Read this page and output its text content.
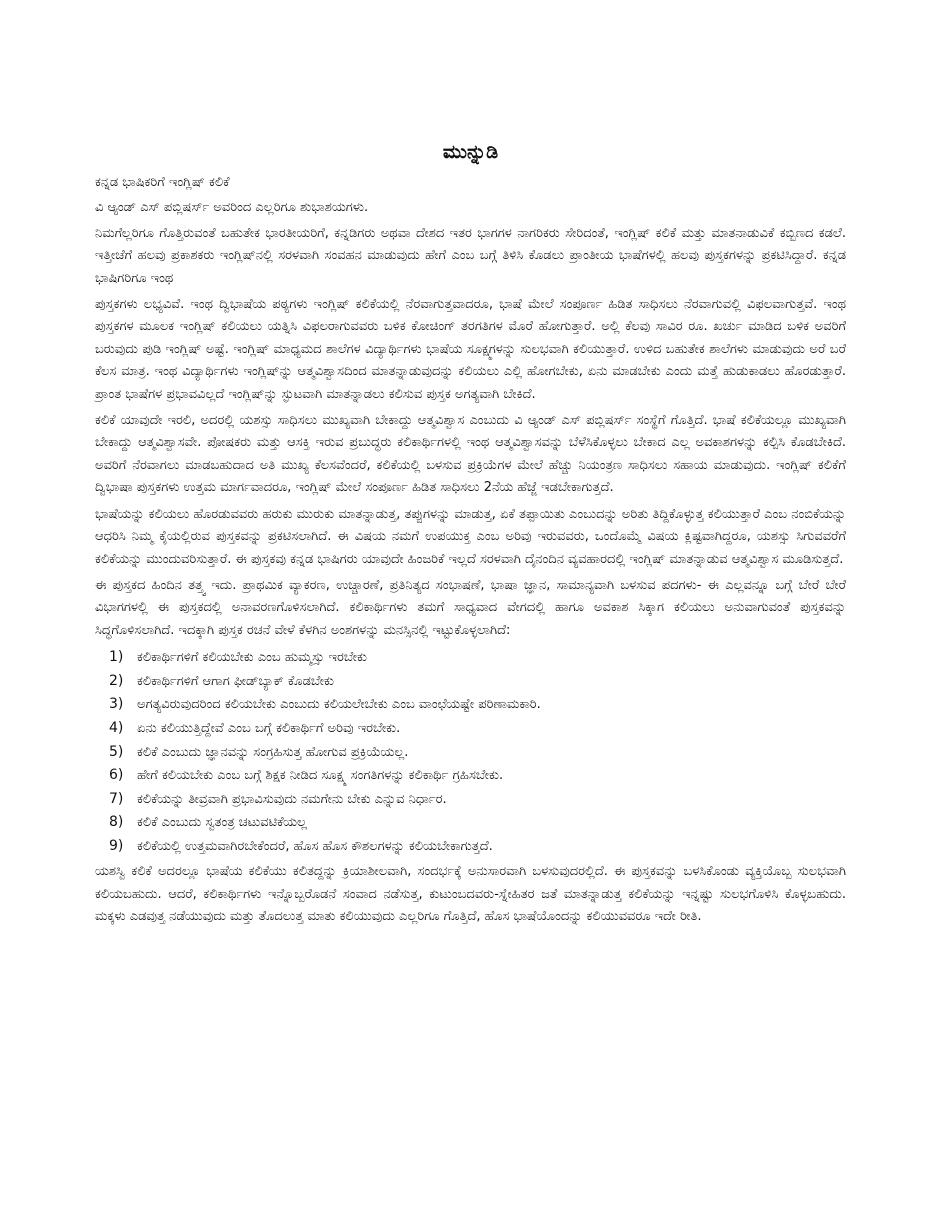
ಮುನ್ನುಡಿ

ಕನ್ನಡ ಭಾಷಿಕರಿಗೆ ಇಂಗ್ಲಿಷ್ ಕಲಿಕೆ

ವಿ ಆ್ಯಂಡ್ ಎಸ್ ಪಬ್ಲಿಷರ್ಸ್ ಅವರಿಂದ ಎಲ್ಲರಿಗೂ ಶುಭಾಶಯಗಳು.

ನಿಮಗೆಲ್ಲರಿಗೂ ಗೊತ್ತಿರುವಂತೆ ಬಹುತೇಕ ಭಾರತೀಯರಿಗೆ, ಕನ್ನಡಿಗರು ಅಥವಾ ದೇಶದ ಇತರ ಭಾಗಗಳ ನಾಗರಿಕರು ಸೇರಿದಂತೆ, ಇಂಗ್ಲಿಷ್ ಕಲಿಕೆ ಮತ್ತು ಮಾತನಾಡುವಿಕೆ ಕಬ್ಬಿಣದ ಕಡಲೆ. ಇತ್ತೀಚೆಗೆ ಹಲವು ಪ್ರಕಾಶಕರು ಇಂಗ್ಲಿಷ್‌ನಲ್ಲಿ ಸರಳವಾಗಿ ಸಂವಹನ ಮಾಡುವುದು ಹೇಗೆ ಎಂಬ ಬಗ್ಗೆ ತಿಳಿಸಿ ಕೊಡಲು ಪ್ರಾಂತೀಯ ಭಾಷೆಗಳಲ್ಲಿ ಹಲವು ಪುಸ್ತಕಗಳನ್ನು ಪ್ರಕಟಿಸಿದ್ದಾರೆ. ಕನ್ನಡ ಭಾಷಿಗರಿಗೂ ಇಂಥ

ಪುಸ್ತಕಗಳು ಲಭ್ಯವಿವೆ. ಇಂಥ ದ್ವಿಭಾಷೆಯ ಪಠ್ಯಗಳು ಇಂಗ್ಲಿಷ್ ಕಲಿಕೆಯಲ್ಲಿ ನೆರವಾಗುತ್ತವಾದರೂ, ಭಾಷೆ ಮೇಲೆ ಸಂಪೂರ್ಣ ಹಿಡಿತ ಸಾಧಿಸಲು ನೆರವಾಗುವಲ್ಲಿ ವಿಫಲವಾಗುತ್ತವೆ. ಇಂಥ ಪುಸ್ತಕಗಳ ಮೂಲಕ ಇಂಗ್ಲಿಷ್ ಕಲಿಯಲು ಯತ್ನಿಸಿ ವಿಫಲರಾಗುವವರು ಬಳಿಕ ಕೋಚಿಂಗ್ ತರಗತಿಗಳ ಮೊರೆ ಹೋಗುತ್ತಾರೆ. ಅಲ್ಲಿ ಕೆಲವು ಸಾವಿರ ರೂ. ಖರ್ಚು ಮಾಡಿದ ಬಳಿಕ ಅವರಿಗೆ ಬರುವುದು ಪುಡಿ ಇಂಗ್ಲಿಷ್ ಅಷ್ಟೆ. ಇಂಗ್ಲಿಷ್ ಮಾಧ್ಯಮದ ಶಾಲೆಗಳ ವಿದ್ಯಾರ್ಥಿಗಳು ಭಾಷೆಯ ಸೂಕ್ಷ್ಮಗಳನ್ನು ಸುಲಭವಾಗಿ ಕಲಿಯುತ್ತಾರೆ. ಉಳಿದ ಬಹುತೇಕ ಶಾಲೆಗಳು ಮಾಡುವುದು ಅರೆ ಬರೆ ಕೆಲಸ ಮಾತ್ರ. ಇಂಥ ವಿದ್ಯಾರ್ಥಿಗಳು ಇಂಗ್ಲಿಷ್‌ನ್ನು ಆತ್ಮವಿಶ್ವಾಸದಿಂದ ಮಾತನ್ನಾಡುವುದನ್ನು ಕಲಿಯಲು ಎಲ್ಲಿ ಹೋಗಬೇಕು, ಏನು ಮಾಡಬೇಕು ಎಂದು ಮತ್ತೆ ಹುಡುಕಾಡಲು ಹೊರಡುತ್ತಾರೆ. ಪ್ರಾಂತ ಭಾಷೆಗಳ ಪ್ರಭಾವವಿಲ್ಲದೆ ಇಂಗ್ಲಿಷ್‌ನ್ನು ಸ್ಫುಟವಾಗಿ ಮಾತನ್ನಾಡಲು ಕಲಿಸುವ ಪುಸ್ತಕ ಅಗತ್ಯವಾಗಿ ಬೇಕಿದೆ.

ಕಲಿಕೆ ಯಾವುದೇ ಇರಲಿ, ಅದರಲ್ಲಿ ಯಶಸ್ಸು ಸಾಧಿಸಲು ಮುಖ್ಯವಾಗಿ ಬೇಕಾದ್ದು ಆತ್ಮವಿಶ್ವಾಸ ಎಂಬುದು ವಿ ಆ್ಯಂಡ್ ಎಸ್ ಪಬ್ಲಿಷರ್ಸ್ ಸಂಸ್ಥೆಗೆ ಗೊತ್ತಿದೆ. ಭಾಷೆ ಕಲಿಕೆಯಲ್ಲೂ ಮುಖ್ಯವಾಗಿ ಬೇಕಾದ್ದು ಆತ್ಮವಿಶ್ವಾಸವೇ. ಪೋಷಕರು ಮತ್ತು ಆಸಕ್ತಿ ಇರುವ ಪ್ರಬುದ್ಧರು ಕಲಿಕಾರ್ಥಿಗಳಲ್ಲಿ ಇಂಥ ಆತ್ಮವಿಶ್ವಾಸವನ್ನು ಬೆಳೆಸಿಕೊಳ್ಳಲು ಬೇಕಾದ ಎಲ್ಲ ಅವಕಾಶಗಳನ್ನು ಕಲ್ಪಿಸಿ ಕೊಡಬೇಕಿದೆ. ಅವರಿಗೆ ನೆರವಾಗಲು ಮಾಡಬಹುದಾದ ಅತಿ ಮುಖ್ಯ ಕೆಲಸವೆಂದರೆ, ಕಲಿಕೆಯಲ್ಲಿ ಬಳಸುವ ಪ್ರಕ್ರಿಯೆಗಳ ಮೇಲೆ ಹೆಚ್ಚು ನಿಯಂತ್ರಣ ಸಾಧಿಸಲು ಸಹಾಯ ಮಾಡುವುದು. ಇಂಗ್ಲಿಷ್ ಕಲಿಕೆಗೆ ದ್ವಿಭಾಷಾ ಪುಸ್ತಕಗಳು ಉತ್ತಮ ಮಾರ್ಗವಾದರೂ, ಇಂಗ್ಲಿಷ್ ಮೇಲೆ ಸಂಪೂರ್ಣ ಹಿಡಿತ ಸಾಧಿಸಲು 2ನೆಯ ಹೆಜ್ಜೆ ಇಡಬೇಕಾಗುತ್ತದೆ.

ಭಾಷೆಯನ್ನು ಕಲಿಯಲು ಹೊರಡುವವರು ಹರುಕು ಮುರುಕು ಮಾತನ್ನಾಡುತ್ತ, ತಪ್ಪುಗಳನ್ನು ಮಾಡುತ್ತ, ಏಕೆ ತಪ್ಪಾಯಿತು ಎಂಬುದನ್ನು ಅರಿತು ತಿದ್ದಿಕೊಳ್ಳುತ್ತ ಕಲಿಯುತ್ತಾರೆ ಎಂಬ ನಂಬಿಕೆಯನ್ನು ಆಧರಿಸಿ ನಿಮ್ಮ ಕೈಯಲ್ಲಿರುವ ಪುಸ್ತಕವನ್ನು ಪ್ರಕಟಿಸಲಾಗಿದೆ. ಈ ವಿಷಯ ನಮಗೆ ಉಪಯುಕ್ತ ಎಂಬ ಅರಿವು ಇರುವವರು, ಒಂದೊಮ್ಮೆ ವಿಷಯ ಕ್ಲಿಷ್ಟವಾಗಿದ್ದರೂ, ಯಶಸ್ಸು ಸಿಗುವವರೆಗೆ ಕಲಿಕೆಯನ್ನು ಮುಂದುವರಿಸುತ್ತಾರೆ. ಈ ಪುಸ್ತಕವು ಕನ್ನಡ ಭಾಷಿಗರು ಯಾವುದೇ ಹಿಂಜರಿಕೆ ಇಲ್ಲದೆ ಸರಳವಾಗಿ ದೈನಂದಿನ ವ್ಯವಹಾರದಲ್ಲಿ ಇಂಗ್ಲಿಷ್ ಮಾತನ್ನಾಡುವ ಆತ್ಮವಿಶ್ವಾಸ ಮೂಡಿಸುತ್ತದೆ.

ಈ ಪುಸ್ತಕದ ಹಿಂದಿನ ತತ್ತ್ವ ಇದು. ಪ್ರಾಥಮಿಕ ವ್ಯಾಕರಣ, ಉಚ್ಚಾರಣೆ, ಪ್ರತಿನಿತ್ಯದ ಸಂಭಾಷಣೆ, ಭಾಷಾ ಜ್ಞಾನ, ಸಾಮಾನ್ಯವಾಗಿ ಬಳಸುವ ಪದಗಳು- ಈ ಎಲ್ಲವನ್ನೂ ಬಗ್ಗೆ ಬೇರೆ ಬೇರೆ ವಿಭಾಗಗಳಲ್ಲಿ ಈ ಪುಸ್ತಕದಲ್ಲಿ ಅನಾವರಣಗೊಳಿಸಲಾಗಿದೆ. ಕಲಿಕಾರ್ಥಿಗಳು ತಮಗೆ ಸಾಧ್ಯವಾದ ವೇಗದಲ್ಲಿ ಹಾಗೂ ಅವಕಾಶ ಸಿಕ್ಕಾಗ ಕಲಿಯಲು ಅನುವಾಗುವಂತೆ ಪುಸ್ತಕವನ್ನು ಸಿದ್ಧಗೊಳಿಸಲಾಗಿದೆ. ಇದಕ್ಕಾಗಿ ಪುಸ್ತಕ ರಚನೆ ವೇಳೆ ಕೆಳಗಿನ ಅಂಶಗಳನ್ನು ಮನಸ್ಸಿನಲ್ಲಿ ಇಟ್ಟುಕೊಳ್ಳಲಾಗಿದೆ:

1)	ಕಲಿಕಾರ್ಥಿಗಳಿಗೆ ಕಲಿಯಬೇಕು ಎಂಬ ಹುಮ್ಮಸ್ಸು ಇರಬೇಕು
2)	ಕಲಿಕಾರ್ಥಿಗಳಿಗೆ ಆಗಾಗ ಫೀಡ್‌ಬ್ಯಾಕ್ ಕೊಡಬೇಕು
3)	ಅಗತ್ಯವಿರುವುದರಿಂದ ಕಲಿಯಬೇಕು ಎಂಬುದು ಕಲಿಯಲೇಬೇಕು ಎಂಬ ವಾಂಛೆಯಷ್ಟೇ ಪರಿಣಾಮಕಾರಿ.
4)	ಏನು ಕಲಿಯುತ್ತಿದ್ದೇವೆ ಎಂಬ ಬಗ್ಗೆ ಕಲಿಕಾರ್ಥಿಗೆ ಅರಿವು ಇರಬೇಕು.
5)	ಕಲಿಕೆ ಎಂಬುದು ಜ್ಞಾನವನ್ನು ಸಂಗ್ರಹಿಸುತ್ತ ಹೋಗುವ ಪ್ರಕ್ರಿಯೆಯಲ್ಲ.
6)	ಹೇಗೆ ಕಲಿಯಬೇಕು ಎಂಬ ಬಗ್ಗೆ ಶಿಕ್ಷಕ ನೀಡಿದ ಸೂಕ್ಷ್ಮ ಸಂಗತಿಗಳನ್ನು ಕಲಿಕಾರ್ಥಿ ಗ್ರಹಿಸಬೇಕು.
7)	ಕಲಿಕೆಯನ್ನು ತೀವ್ರವಾಗಿ ಪ್ರಭಾವಿಸುವುದು ನಮಗೇನು ಬೇಕು ಎನ್ನುವ ನಿರ್ಧಾರ.
8)	ಕಲಿಕೆ ಎಂಬುದು ಸ್ವತಂತ್ರ ಚಟುವಟಿಕೆಯಲ್ಲ
9)	ಕಲಿಕೆಯಲ್ಲಿ ಉತ್ತಮವಾಗಿರಬೇಕೆಂದರೆ, ಹೊಸ ಹೊಸ ಕೌಶಲಗಳನ್ನು ಕಲಿಯಬೇಕಾಗುತ್ತದೆ.

ಯಶಸ್ವಿ ಕಲಿಕೆ ಅದರಲ್ಲೂ ಭಾಷೆಯ ಕಲಿಕೆಯು ಕಲಿತದ್ದನ್ನು ಕ್ರಿಯಾಶೀಲವಾಗಿ, ಸಂದರ್ಭಕ್ಕೆ ಅನುಸಾರವಾಗಿ ಬಳಸುವುದರಲ್ಲಿದೆ. ಈ ಪುಸ್ತಕವನ್ನು ಬಳಸಿಕೊಂಡು ವ್ಯಕ್ತಿಯೊಬ್ಬ ಸುಲಭವಾಗಿ ಕಲಿಯಬಹುದು. ಆದರೆ, ಕಲಿಕಾರ್ಥಿಗಳು ಇನ್ನೊಬ್ಬರೊಡನೆ ಸಂವಾದ ನಡೆಸುತ್ತ, ಕುಟುಂಬದವರು-ಸ್ನೇಹಿತರ ಜತೆ ಮಾತನ್ನಾಡುತ್ತ ಕಲಿಕೆಯನ್ನು ಇನ್ನಷ್ಟು ಸುಲಭಗೊಳಿಸಿ ಕೊಳ್ಳಬಹುದು. ಮಕ್ಕಳು ಎಡವುತ್ತ ನಡೆಯುವುದು ಮತ್ತು ತೊದಲುತ್ತ ಮಾತು ಕಲಿಯುವುದು ಎಲ್ಲರಿಗೂ ಗೊತ್ತಿದೆ, ಹೊಸ ಭಾಷೆಯೊಂದನ್ನು ಕಲಿಯುವವರೂ ಇದೇ ರೀತಿ.
